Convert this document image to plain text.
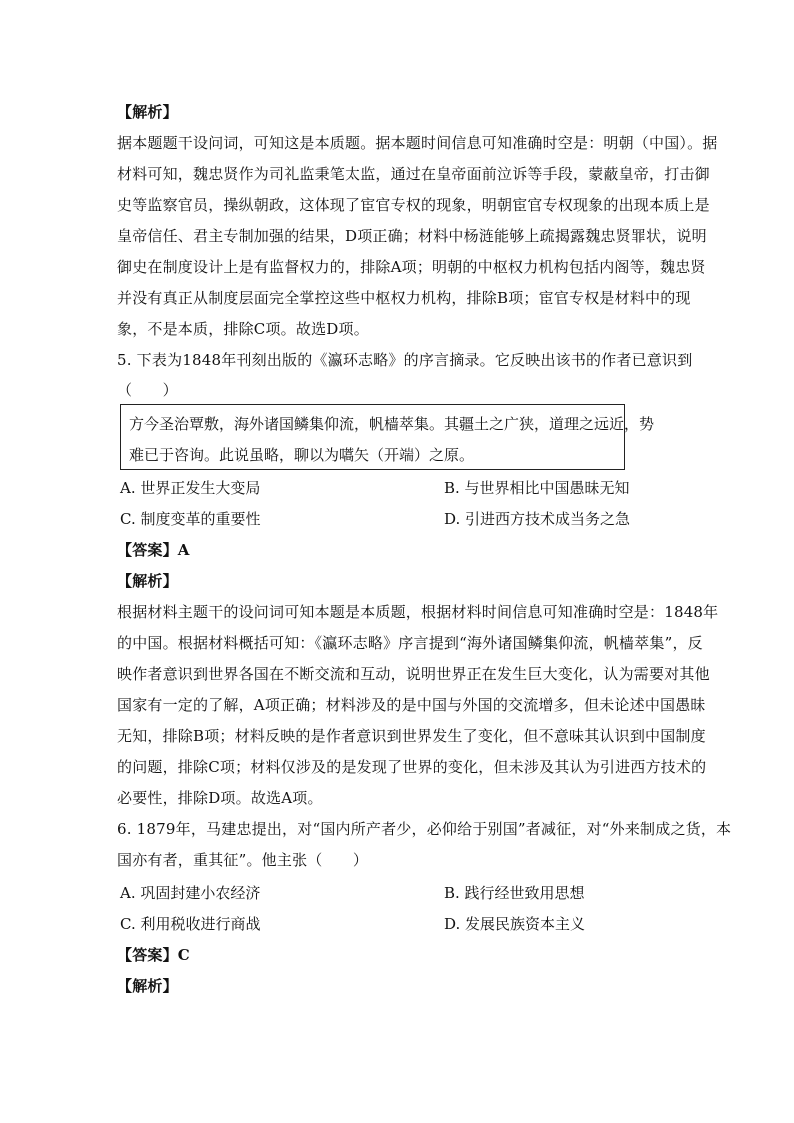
【解析】
据本题题干设问词，可知这是本质题。据本题时间信息可知准确时空是：明朝（中国）。据
材料可知，魏忠贤作为司礼监秉笔太监，通过在皇帝面前泣诉等手段，蒙蔽皇帝，打击御
史等监察官员，操纵朝政，这体现了宦官专权的现象，明朝宦官专权现象的出现本质上是
皇帝信任、君主专制加强的结果，D项正确；材料中杨涟能够上疏揭露魏忠贤罪状，说明
御史在制度设计上是有监督权力的，排除A项；明朝的中枢权力机构包括内阁等，魏忠贤
并没有真正从制度层面完全掌控这些中枢权力机构，排除B项；宦官专权是材料中的现
象，不是本质，排除C项。故选D项。
5. 下表为1848年刊刻出版的《瀛环志略》的序言摘录。它反映出该书的作者已意识到
（　　）
方今圣治覃敷，海外诸国鳞集仰流，帆樯萃集。其疆土之广狭，道理之远近，势
难已于咨询。此说虽略，聊以为嚆矢（开端）之原。
A. 世界正发生大变局	B. 与世界相比中国愚昧无知
C. 制度变革的重要性	D. 引进西方技术成当务之急
【答案】A
【解析】
根据材料主题干的设问词可知本题是本质题，根据材料时间信息可知准确时空是：1848年
的中国。根据材料概括可知：《瀛环志略》序言提到“海外诸国鳞集仰流，帆樯萃集”，反
映作者意识到世界各国在不断交流和互动，说明世界正在发生巨大变化，认为需要对其他
国家有一定的了解，A项正确；材料涉及的是中国与外国的交流增多，但未论述中国愚昧
无知，排除B项；材料反映的是作者意识到世界发生了变化，但不意味其认识到中国制度
的问题，排除C项；材料仅涉及的是发现了世界的变化，但未涉及其认为引进西方技术的
必要性，排除D项。故选A项。
6. 1879年，马建忠提出，对“国内所产者少，必仰给于别国”者减征，对“外来制成之货，本
国亦有者，重其征”。他主张（　　）
A. 巩固封建小农经济	B. 践行经世致用思想
C. 利用税收进行商战	D. 发展民族资本主义
【答案】C
【解析】
